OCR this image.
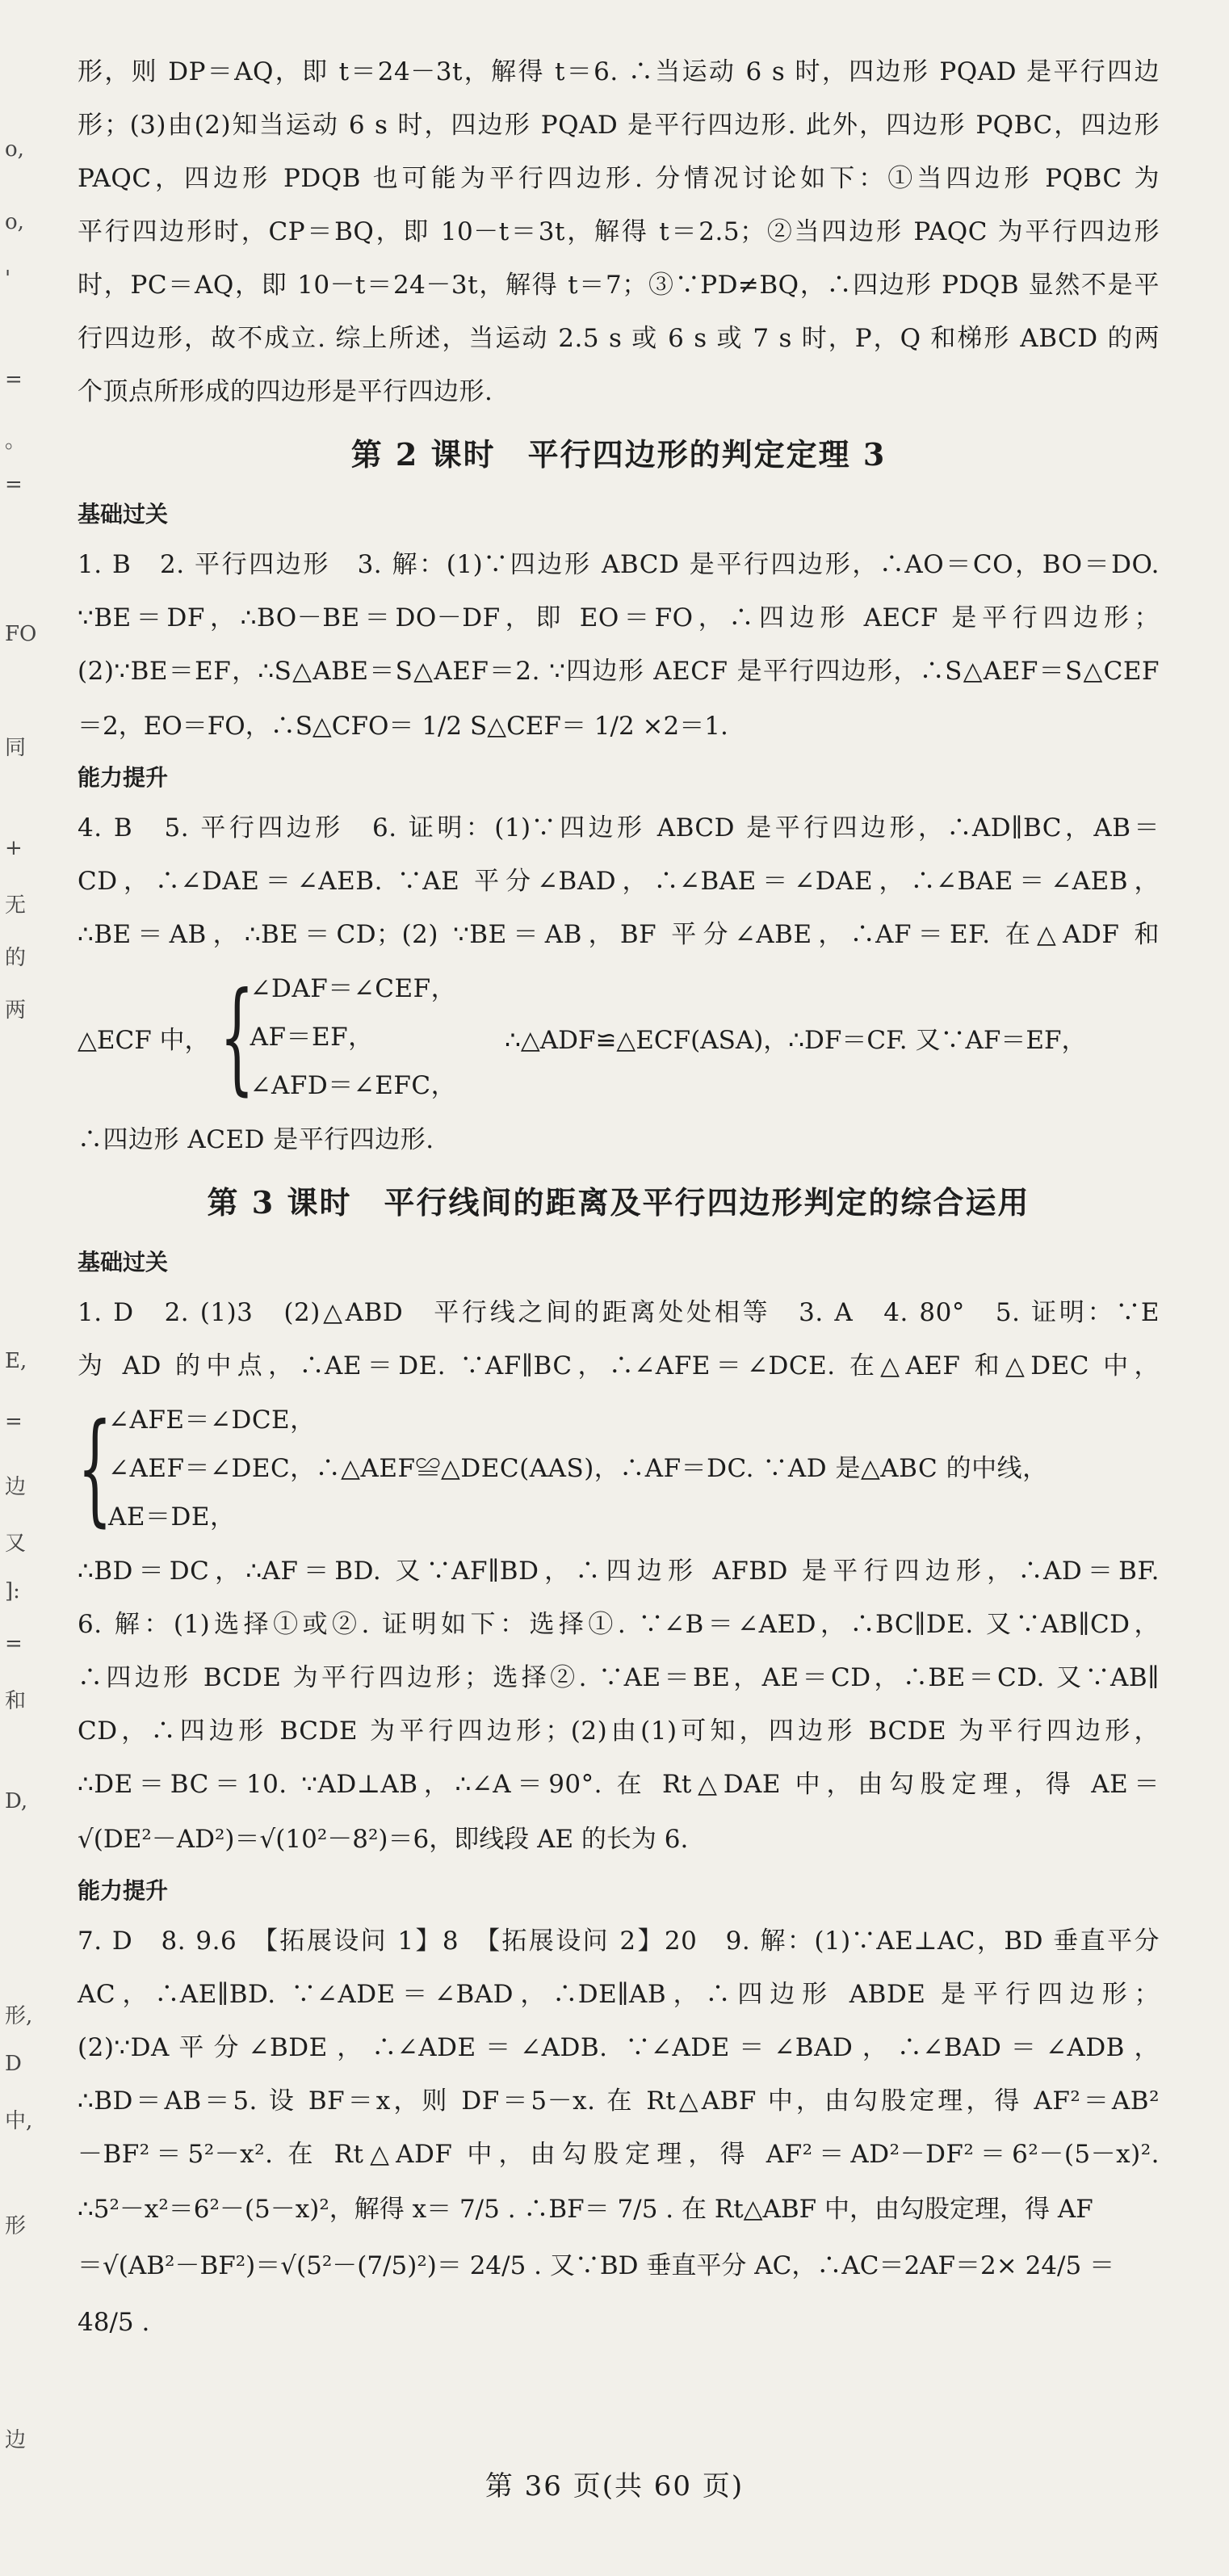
o,
o,
'
=
。
=
FO
同
+
无
的
两
E,
=
边
又
]:
=
和
D,
形,
D
中,
形
边
形，则 DP＝AQ，即 t＝24－3t，解得 t＝6. ∴当运动 6 s 时，四边形 PQAD 是平行四边
形；(3)由(2)知当运动 6 s 时，四边形 PQAD 是平行四边形. 此外，四边形 PQBC，四边形
PAQC，四边形 PDQB 也可能为平行四边形. 分情况讨论如下：①当四边形 PQBC 为
平行四边形时，CP＝BQ，即 10－t＝3t，解得 t＝2.5；②当四边形 PAQC 为平行四边形
时，PC＝AQ，即 10－t＝24－3t，解得 t＝7；③∵PD≠BQ，∴四边形 PDQB 显然不是平
行四边形，故不成立. 综上所述，当运动 2.5 s 或 6 s 或 7 s 时，P，Q 和梯形 ABCD 的两
个顶点所形成的四边形是平行四边形.
第 2 课时　平行四边形的判定定理 3
基础过关
1. B　2. 平行四边形　3. 解：(1)∵四边形 ABCD 是平行四边形，∴AO＝CO，BO＝DO.
∵BE＝DF，∴BO－BE＝DO－DF，即 EO＝FO，∴四边形 AECF 是平行四边形；
(2)∵BE＝EF，∴S△ABE＝S△AEF＝2. ∵四边形 AECF 是平行四边形，∴S△AEF＝S△CEF
＝2，EO＝FO，∴S△CFO＝ 1/2 S△CEF＝ 1/2 ×2＝1.
能力提升
4. B　5. 平行四边形　6. 证明：(1)∵四边形 ABCD 是平行四边形，∴AD∥BC，AB＝
CD，∴∠DAE＝∠AEB. ∵AE 平分∠BAD，∴∠BAE＝∠DAE，∴∠BAE＝∠AEB，
∴BE＝AB，∴BE＝CD；(2) ∵BE＝AB，BF 平分∠ABE，∴AF＝EF. 在△ADF 和
△ECF 中， {
∠DAF＝∠CEF，
AF＝EF，
∠AFD＝∠EFC，
∴△ADF≌△ECF(ASA)，∴DF＝CF. 又∵AF＝EF，
∴四边形 ACED 是平行四边形.
第 3 课时　平行线间的距离及平行四边形判定的综合运用
基础过关
1. D　2. (1)3　(2)△ABD　平行线之间的距离处处相等　3. A　4. 80°　5. 证明：∵E
为 AD 的中点，∴AE＝DE. ∵AF∥BC，∴∠AFE＝∠DCE. 在△AEF 和△DEC 中，
{
∠AFE＝∠DCE，
∠AEF＝∠DEC，∴△AEF≌△DEC(AAS)，∴AF＝DC. ∵AD 是△ABC 的中线，
AE＝DE，
∴BD＝DC，∴AF＝BD. 又∵AF∥BD，∴四边形 AFBD 是平行四边形，∴AD＝BF.
6. 解：(1)选择①或②. 证明如下：选择①. ∵∠B＝∠AED，∴BC∥DE. 又∵AB∥CD，
∴四边形 BCDE 为平行四边形；选择②. ∵AE＝BE，AE＝CD，∴BE＝CD. 又∵AB∥
CD，∴四边形 BCDE 为平行四边形；(2)由(1)可知，四边形 BCDE 为平行四边形，
∴DE＝BC＝10. ∵AD⊥AB，∴∠A＝90°. 在 Rt△DAE 中，由勾股定理，得 AE＝
√(DE²－AD²)＝√(10²－8²)＝6，即线段 AE 的长为 6.
能力提升
7. D　8. 9.6　【拓展设问 1】8　【拓展设问 2】20　9. 解：(1)∵AE⊥AC，BD 垂直平分
AC，∴AE∥BD. ∵∠ADE＝∠BAD，∴DE∥AB，∴四边形 ABDE 是平行四边形；
(2)∵DA平分∠BDE，∴∠ADE＝∠ADB. ∵∠ADE＝∠BAD，∴∠BAD＝∠ADB，
∴BD＝AB＝5. 设 BF＝x，则 DF＝5－x. 在 Rt△ABF 中，由勾股定理，得 AF²＝AB²
－BF²＝5²－x². 在 Rt△ADF 中，由勾股定理，得 AF²＝AD²－DF²＝6²－(5－x)².
∴5²－x²＝6²－(5－x)²，解得 x＝ 7/5 . ∴BF＝ 7/5 . 在 Rt△ABF 中，由勾股定理，得 AF
＝√(AB²－BF²)＝√(5²－(7/5)²)＝ 24/5 . 又∵BD 垂直平分 AC，∴AC＝2AF＝2× 24/5 ＝
48/5 .
第 36 页(共 60 页)
